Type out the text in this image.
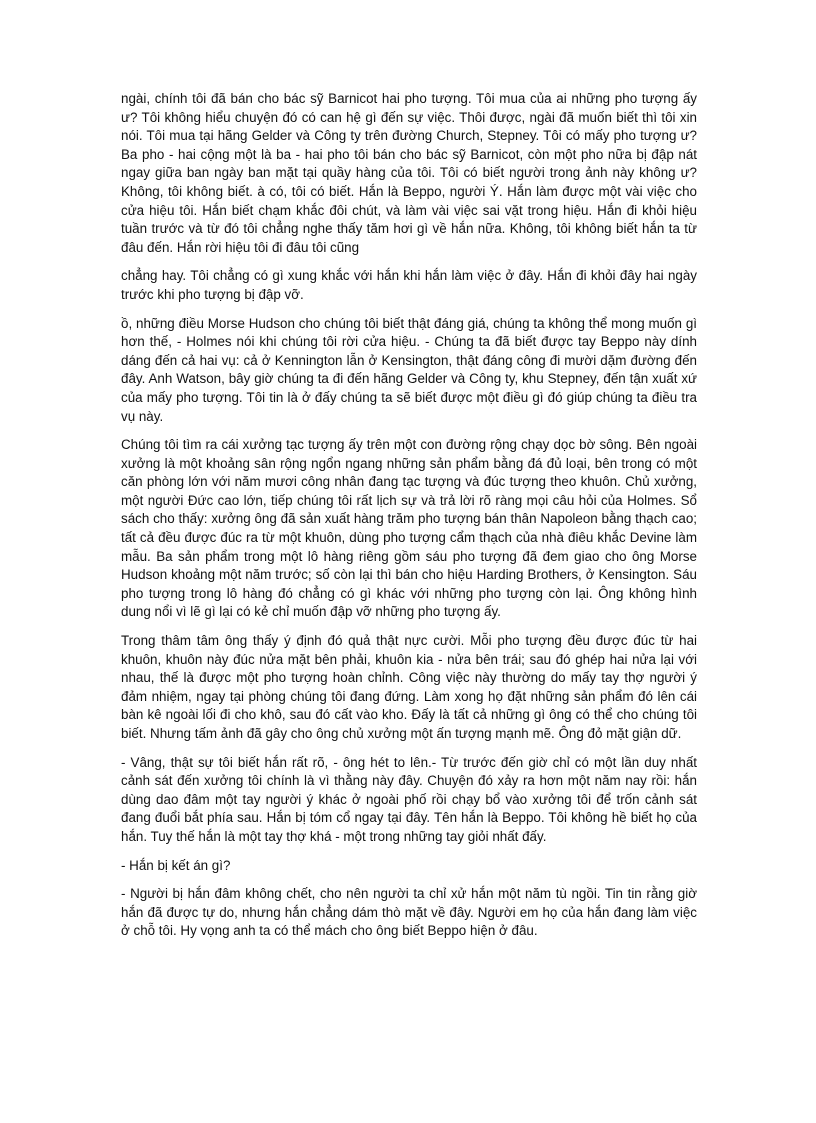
ngài, chính tôi đã bán cho bác sỹ Barnicot hai pho tượng. Tôi mua của ai những pho tượng ấy ư? Tôi không hiểu chuyện đó có can hệ gì đến sự việc. Thôi được, ngài đã muốn biết thì tôi xin nói. Tôi mua tại hãng Gelder và Công ty trên đường Church, Stepney. Tôi có mấy pho tượng ư? Ba pho - hai cộng một là ba - hai pho tôi bán cho bác sỹ Barnicot, còn một pho nữa bị đập nát ngay giữa ban ngày ban mặt tại quầy hàng của tôi. Tôi có biết người trong ảnh này không ư? Không, tôi không biết. à có, tôi có biết. Hắn là Beppo, người Ý. Hắn làm được một vài việc cho cửa hiệu tôi. Hắn biết chạm khắc đôi chút, và làm vài việc sai vặt trong hiệu. Hắn đi khỏi hiệu tuần trước và từ đó tôi chẳng nghe thấy tăm hơi gì về hắn nữa. Không, tôi không biết hắn ta từ đâu đến. Hắn rời hiệu tôi đi đâu tôi cũng

chẳng hay. Tôi chẳng có gì xung khắc với hắn khi hắn làm việc ở đây. Hắn đi khỏi đây hai ngày trước khi pho tượng bị đập vỡ.

ồ, những điều Morse Hudson cho chúng tôi biết thật đáng giá, chúng ta không thể mong muốn gì hơn thế, - Holmes nói khi chúng tôi rời cửa hiệu. - Chúng ta đã biết được tay Beppo này dính dáng đến cả hai vụ: cả ở Kennington lẫn ở Kensington, thật đáng công đi mười dặm đường đến đây. Anh Watson, bây giờ chúng ta đi đến hãng Gelder và Công ty, khu Stepney, đến tận xuất xứ của mấy pho tượng. Tôi tin là ở đấy chúng ta sẽ biết được một điều gì đó giúp chúng ta điều tra vụ này.

Chúng tôi tìm ra cái xưởng tạc tượng ấy trên một con đường rộng chạy dọc bờ sông. Bên ngoài xưởng là một khoảng sân rộng ngổn ngang những sản phẩm bằng đá đủ loại, bên trong có một căn phòng lớn với năm mươi công nhân đang tạc tượng và đúc tượng theo khuôn. Chủ xưởng, một người Đức cao lớn, tiếp chúng tôi rất lịch sự và trả lời rõ ràng mọi câu hỏi của Holmes. Sổ sách cho thấy: xưởng ông đã sản xuất hàng trăm pho tượng bán thân Napoleon bằng thạch cao; tất cả đều được đúc ra từ một khuôn, dùng pho tượng cẩm thạch của nhà điêu khắc Devine làm mẫu. Ba sản phẩm trong một lô hàng riêng gồm sáu pho tượng đã đem giao cho ông Morse Hudson khoảng một năm trước; số còn lại thì bán cho hiệu Harding Brothers, ở Kensington. Sáu pho tượng trong lô hàng đó chẳng có gì khác với những pho tượng còn lại. Ông không hình dung nổi vì lẽ gì lại có kẻ chỉ muốn đập vỡ những pho tượng ấy.

Trong thâm tâm ông thấy ý định đó quả thật nực cười. Mỗi pho tượng đều được đúc từ hai khuôn, khuôn này đúc nửa mặt bên phải, khuôn kia - nửa bên trái; sau đó ghép hai nửa lại với nhau, thế là được một pho tượng hoàn chỉnh. Công việc này thường do mấy tay thợ người ý đảm nhiệm, ngay tại phòng chúng tôi đang đứng. Làm xong họ đặt những sản phẩm đó lên cái bàn kê ngoài lối đi cho khô, sau đó cất vào kho. Đấy là tất cả những gì ông có thể cho chúng tôi biết. Nhưng tấm ảnh đã gây cho ông chủ xưởng một ấn tượng mạnh mẽ. Ông đỏ mặt giận dữ.

- Vâng, thật sự tôi biết hắn rất rõ, - ông hét to lên.- Từ trước đến giờ chỉ có một lần duy nhất cảnh sát đến xưởng tôi chính là vì thằng này đây. Chuyện đó xảy ra hơn một năm nay rồi: hắn dùng dao đâm một tay người ý khác ở ngoài phố rồi chạy bổ vào xưởng tôi để trốn cảnh sát đang đuổi bắt phía sau. Hắn bị tóm cổ ngay tại đây. Tên hắn là Beppo. Tôi không hề biết họ của hắn. Tuy thế hắn là một tay thợ khá - một trong những tay giỏi nhất đấy.

- Hắn bị kết án gì?

- Người bị hắn đâm không chết, cho nên người ta chỉ xử hắn một năm tù ngồi. Tin tin rằng giờ hắn đã được tự do, nhưng hắn chẳng dám thò mặt về đây. Người em họ của hắn đang làm việc ở chỗ tôi. Hy vọng anh ta có thể mách cho ông biết Beppo hiện ở đâu.
